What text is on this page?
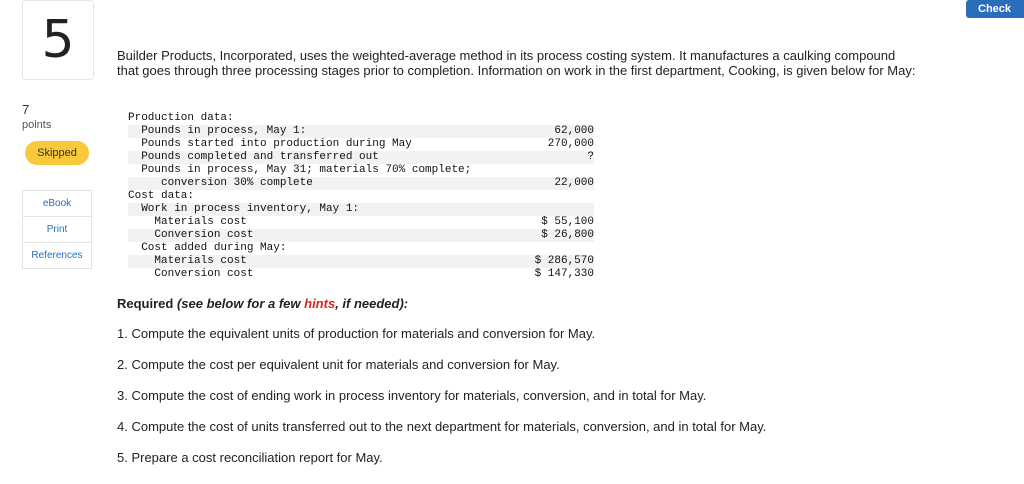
5
7
points
Skipped
eBook
Print
References
Check
Builder Products, Incorporated, uses the weighted-average method in its process costing system. It manufactures a caulking compound that goes through three processing stages prior to completion. Information on work in the first department, Cooking, is given below for May:
Production data:
Pounds in process, May 1:	62,000
Pounds started into production during May	270,000
Pounds completed and transferred out	?
Pounds in process, May 31; materials 70% complete;
conversion 30% complete	22,000
Cost data:
Work in process inventory, May 1:
Materials cost	$ 55,100
Conversion cost	$ 26,800
Cost added during May:
Materials cost	$ 286,570
Conversion cost	$ 147,330
Required (see below for a few hints, if needed):
1. Compute the equivalent units of production for materials and conversion for May.
2. Compute the cost per equivalent unit for materials and conversion for May.
3. Compute the cost of ending work in process inventory for materials, conversion, and in total for May.
4. Compute the cost of units transferred out to the next department for materials, conversion, and in total for May.
5. Prepare a cost reconciliation report for May.
